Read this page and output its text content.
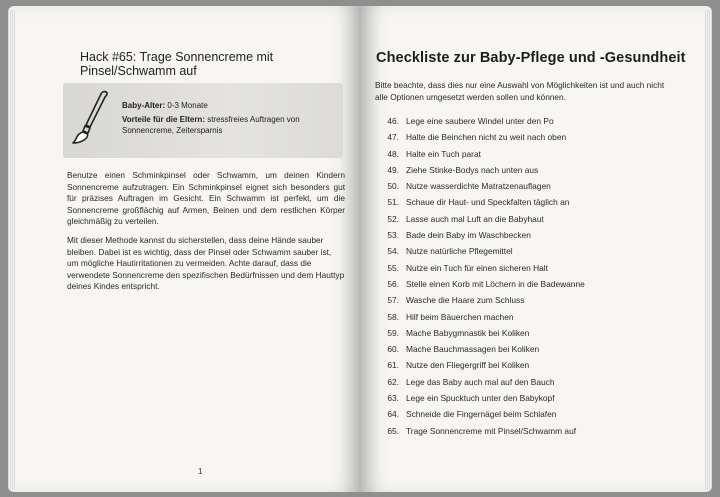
Hack #65: Trage Sonnencreme mit Pinsel/Schwamm auf
Baby-Alter: 0-3 Monate
Vorteile für die Eltern: stressfreies Auftragen von Sonnencreme, Zeitersparnis
Benutze einen Schminkpinsel oder Schwamm, um deinen Kindern Sonnencreme aufzutragen. Ein Schminkpinsel eignet sich besonders gut für präzises Auftragen im Gesicht. Ein Schwamm ist perfekt, um die Sonnencreme großflächig auf Armen, Beinen und dem restlichen Körper gleichmäßig zu verteilen.
Mit dieser Methode kannst du sicherstellen, dass deine Hände sauber bleiben. Dabei ist es wichtig, dass der Pinsel oder Schwamm sauber ist, um mögliche Hautirritationen zu vermeiden. Achte darauf, dass die verwendete Sonnencreme den spezifischen Bedürfnissen und dem Hauttyp deines Kindes entspricht.
1
Checkliste zur Baby-Pflege und -Gesundheit
Bitte beachte, dass dies nur eine Auswahl von Möglichkeiten ist und auch nicht alle Optionen umgesetzt werden sollen und können.
46. Lege eine saubere Windel unter den Po
47. Halte die Beinchen nicht zu weit nach oben
48. Halte ein Tuch parat
49. Ziehe Stinke-Bodys nach unten aus
50. Nutze wasserdichte Matratzenauflagen
51. Schaue dir Haut- und Speckfalten täglich an
52. Lasse auch mal Luft an die Babyhaut
53. Bade dein Baby im Waschbecken
54. Nutze natürliche Pflegemittel
55. Nutze ein Tuch für einen sicheren Halt
56. Stelle einen Korb mit Löchern in die Badewanne
57. Wasche die Haare zum Schluss
58. Hilf beim Bäuerchen machen
59. Mache Babygmnastik bei Koliken
60. Mache Bauchmassagen bei Koliken
61. Nutze den Fliegergriff bei Koliken
62. Lege das Baby auch mal auf den Bauch
63. Lege ein Spucktuch unter den Babykopf
64. Schneide die Fingernägel beim Schlafen
65. Trage Sonnencreme mit Pinsel/Schwamm auf
